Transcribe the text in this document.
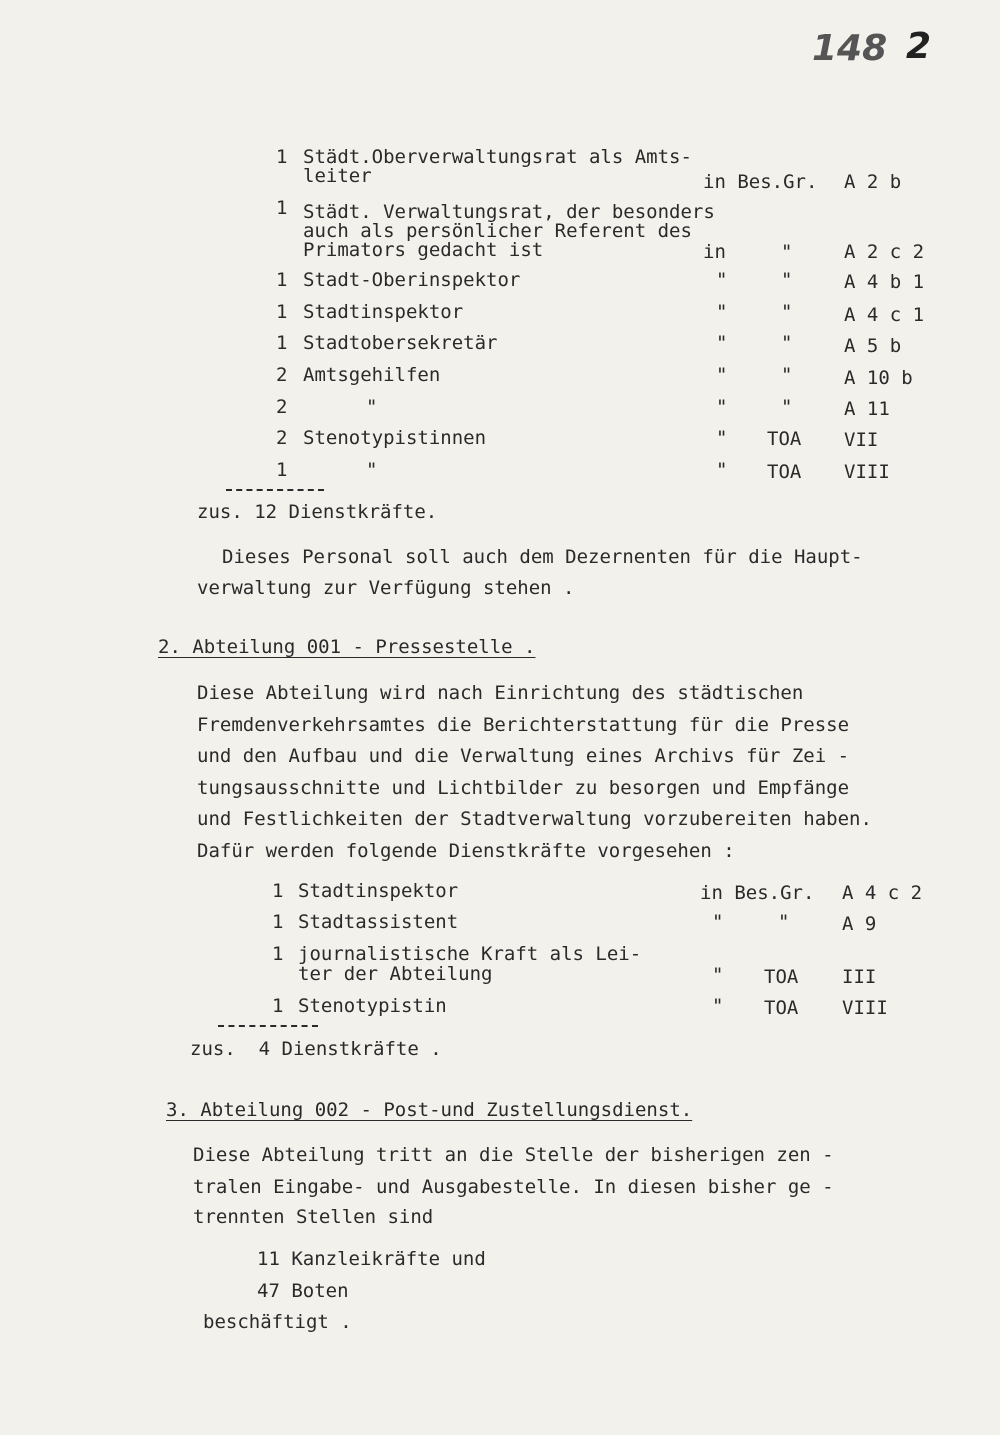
148 2
1 Städt.Oberverwaltungsrat als Amts-
leiter	in Bes.Gr. A 2 b
1 Städt. Verwaltungsrat, der besonders
auch als persönlicher Referent des
Primators gedacht ist	in	"	A 2 c 2
1 Stadt-Oberinspektor	"	"	A 4 b 1
1 Stadtinspektor	"	"	A 4 c 1
1 Stadtobersekretär	"	"	A 5 b
2 Amtsgehilfen	"	"	A 10 b
2	"	"	"	A 11
2 Stenotypistinnen	" TOA VII
1	"	" TOA VIII
zus. 12 Dienstkräfte.
Dieses Personal soll auch dem Dezernenten für die Haupt-
verwaltung zur Verfügung stehen .
2. Abteilung 001 - Pressestelle .
Diese Abteilung wird nach Einrichtung des städtischen
Fremdenverkehrsamtes die Berichterstattung für die Presse
und den Aufbau und die Verwaltung eines Archivs für Zei -
tungsausschnitte und Lichtbilder zu besorgen und Empfänge
und Festlichkeiten der Stadtverwaltung vorzubereiten haben.
Dafür werden folgende Dienstkräfte vorgesehen :
1 Stadtinspektor	in Bes.Gr. A 4 c 2
1 Stadtassistent	"	"	A 9
1 journalistische Kraft als Lei-
ter der Abteilung	" TOA III
1 Stenotypistin	" TOA VIII
zus.  4 Dienstkräfte .
3. Abteilung 002 - Post-und Zustellungsdienst.
Diese Abteilung tritt an die Stelle der bisherigen zen -
tralen Eingabe- und Ausgabestelle. In diesen bisher ge -
trennten Stellen sind
11 Kanzleikräfte und
47 Boten
beschäftigt .
